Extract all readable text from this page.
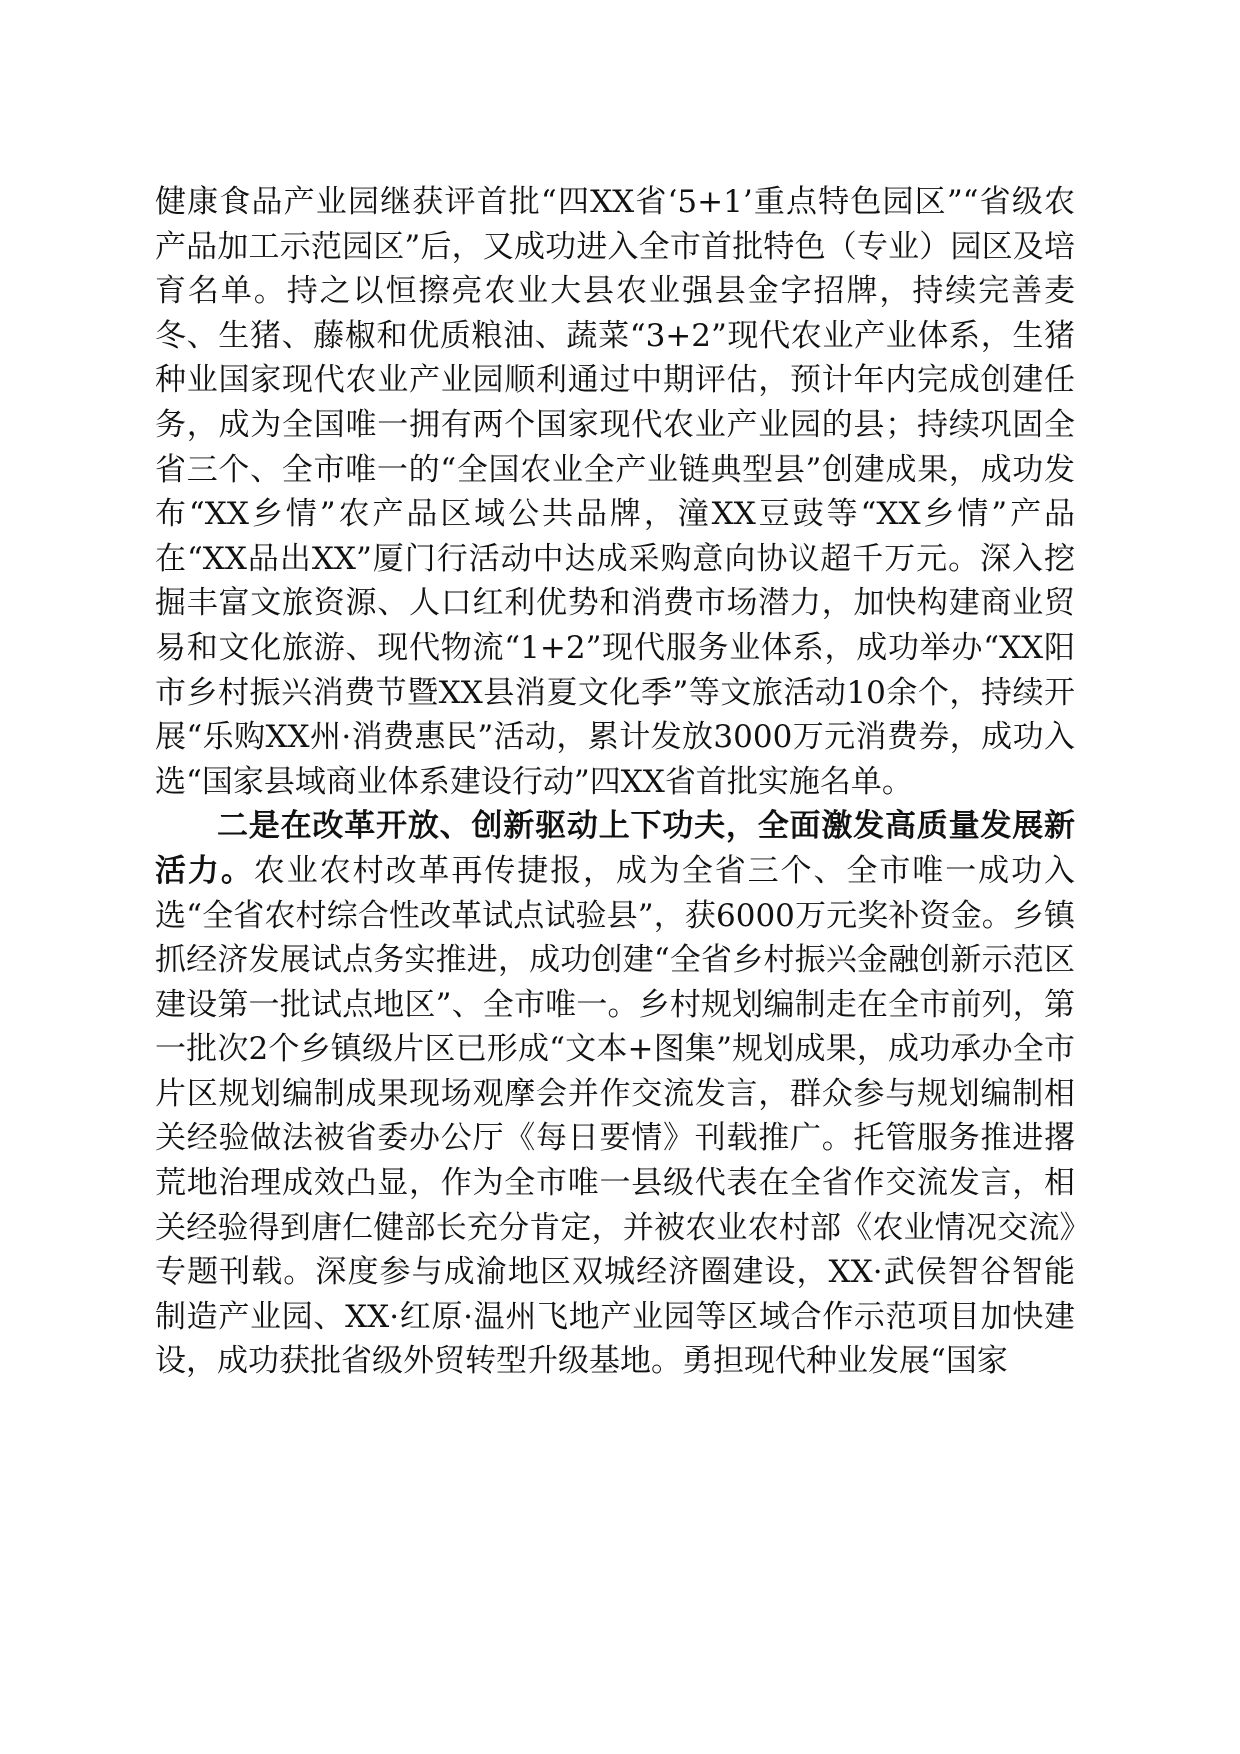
健康食品产业园继获评首批“四XX省‘5+1’重点特色园区”“省级农产品加工示范园区”后，又成功进入全市首批特色（专业）园区及培育名单。持之以恒擦亮农业大县农业强县金字招牌，持续完善麦冬、生猪、藤椒和优质粮油、蔬菜“3+2”现代农业产业体系，生猪种业国家现代农业产业园顺利通过中期评估，预计年内完成创建任务，成为全国唯一拥有两个国家现代农业产业园的县；持续巩固全省三个、全市唯一的“全国农业全产业链典型县”创建成果，成功发布“XX乡情”农产品区域公共品牌，潼XX豆豉等“XX乡情”产品在“XX品出XX”厦门行活动中达成采购意向协议超千万元。深入挖掘丰富文旅资源、人口红利优势和消费市场潜力，加快构建商业贸易和文化旅游、现代物流“1+2”现代服务业体系，成功举办“XX阳市乡村振兴消费节暨XX县消夏文化季”等文旅活动10余个，持续开展“乐购XX州·消费惠民”活动，累计发放3000万元消费券，成功入选“国家县域商业体系建设行动”四XX省首批实施名单。

二是在改革开放、创新驱动上下功夫，全面激发高质量发展新活力。农业农村改革再传捷报，成为全省三个、全市唯一成功入选“全省农村综合性改革试点试验县”，获6000万元奖补资金。乡镇抓经济发展试点务实推进，成功创建“全省乡村振兴金融创新示范区建设第一批试点地区”、全市唯一。乡村规划编制走在全市前列，第一批次2个乡镇级片区已形成“文本+图集”规划成果，成功承办全市片区规划编制成果现场观摩会并作交流发言，群众参与规划编制相关经验做法被省委办公厅《每日要情》刊载推广。托管服务推进撂荒地治理成效凸显，作为全市唯一县级代表在全省作交流发言，相关经验得到唐仁健部长充分肯定，并被农业农村部《农业情况交流》专题刊载。深度参与成渝地区双城经济圈建设，XX·武侯智谷智能制造产业园、XX·红原·温州飞地产业园等区域合作示范项目加快建设，成功获批省级外贸转型升级基地。勇担现代种业发展“国家
